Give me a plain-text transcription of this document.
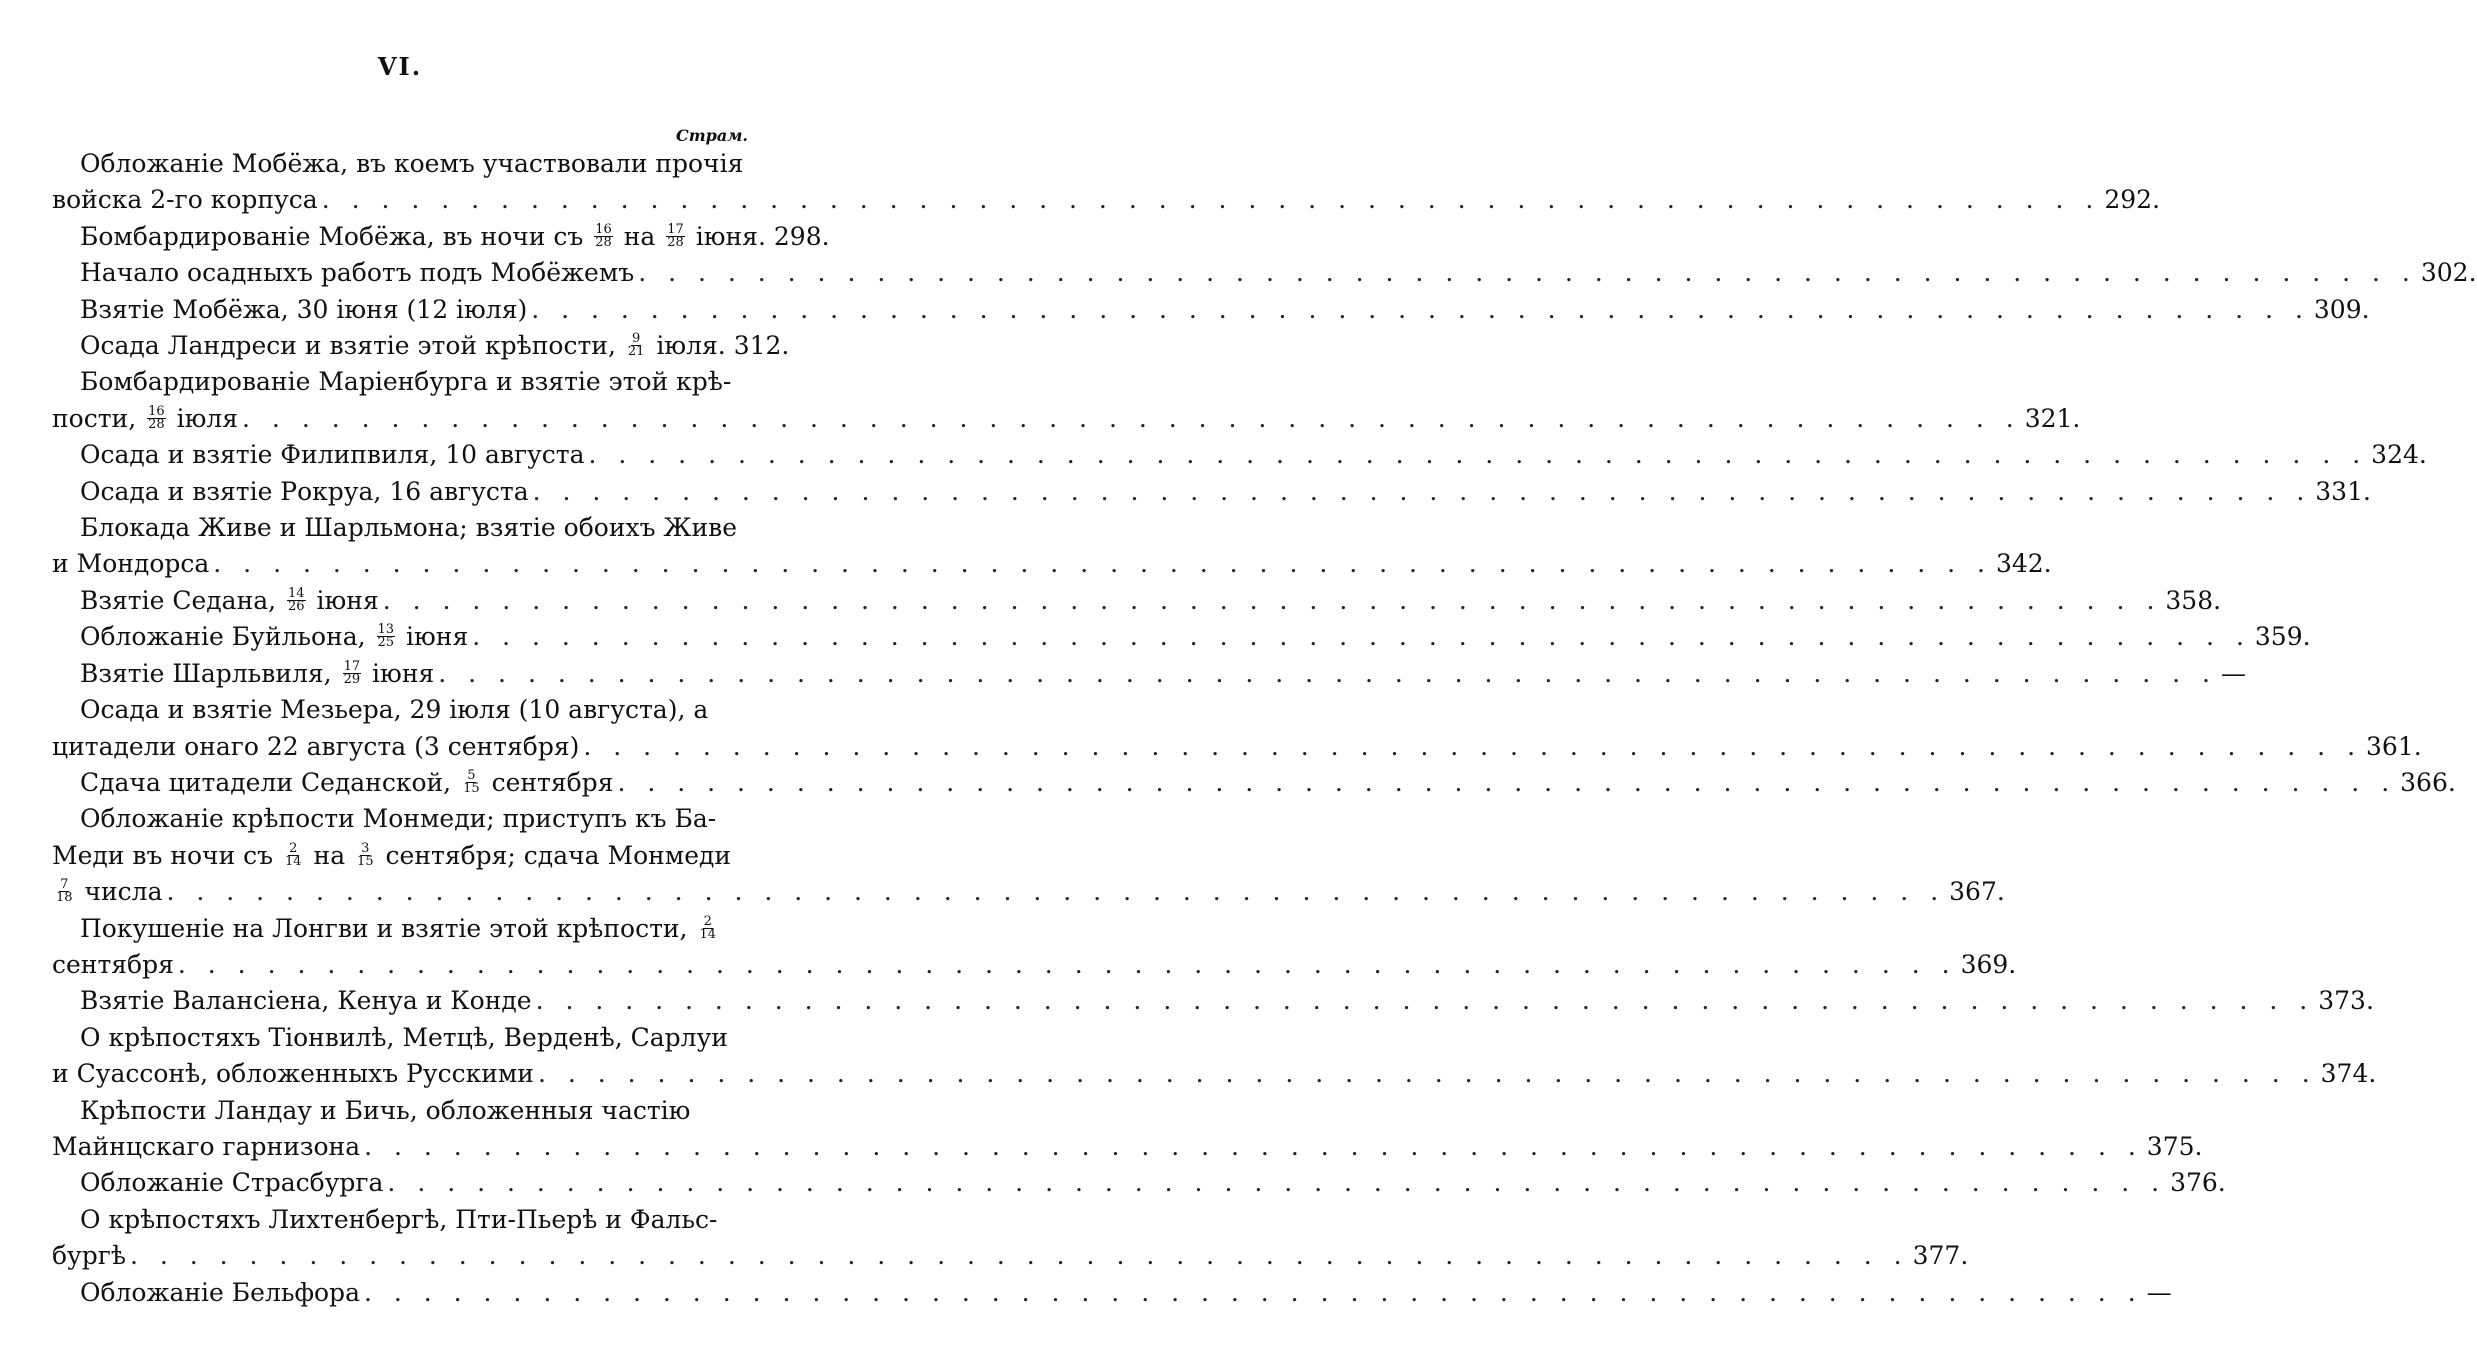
VI.
Страм.
Обложаніе Мобёжа, въ коемъ участвовали прочія
войска 2-го корпуса . . . . . . . . . . . . . . . . . . . . . . . . . . . . . . . . . . . . . . . . . . . . . . . . . . . . . . . . . . . . 292.
Бомбардированіе Мобёжа, въ ночи съ $\frac{16}{28}$ на $\frac{17}{28}$ іюня. 298.
Начало осадныхъ работъ подъ Мобёжемъ . . . . . . . . . . . . . . . . . . . . . . . . . . . . . . . . . . . . . . . . . . . . . . . . . . . . . . . . . . . . 302.
Взятіе Мобёжа, 30 іюня (12 іюля) . . . . . . . . . . . . . . . . . . . . . . . . . . . . . . . . . . . . . . . . . . . . . . . . . . . . . . . . . . . . 309.
Осада Ландреси и взятіе этой крѣпости, $\frac{9}{21}$ іюля. 312.
Бомбардированіе Маріенбурга и взятіе этой крѣ-
пости, $\frac{16}{28}$ іюля . . . . . . . . . . . . . . . . . . . . . . . . . . . . . . . . . . . . . . . . . . . . . . . . . . . . . . . . . . . . 321.
Осада и взятіе Филипвиля, 10 августа . . . . . . . . . . . . . . . . . . . . . . . . . . . . . . . . . . . . . . . . . . . . . . . . . . . . . . . . . . . . 324.
Осада и взятіе Рокруа, 16 августа . . . . . . . . . . . . . . . . . . . . . . . . . . . . . . . . . . . . . . . . . . . . . . . . . . . . . . . . . . . . 331.
Блокада Живе и Шарльмона; взятіе обоихъ Живе
и Мондорса . . . . . . . . . . . . . . . . . . . . . . . . . . . . . . . . . . . . . . . . . . . . . . . . . . . . . . . . . . . . 342.
Взятіе Седана, $\frac{14}{26}$ іюня . . . . . . . . . . . . . . . . . . . . . . . . . . . . . . . . . . . . . . . . . . . . . . . . . . . . . . . . . . . . 358.
Обложаніе Буйльона, $\frac{13}{25}$ іюня . . . . . . . . . . . . . . . . . . . . . . . . . . . . . . . . . . . . . . . . . . . . . . . . . . . . . . . . . . . . 359.
Взятіе Шарльвиля, $\frac{17}{29}$ іюня . . . . . . . . . . . . . . . . . . . . . . . . . . . . . . . . . . . . . . . . . . . . . . . . . . . . . . . . . . . . —
Осада и взятіе Мезьера, 29 іюля (10 августа), а
цитадели онаго 22 августа (3 сентября) . . . . . . . . . . . . . . . . . . . . . . . . . . . . . . . . . . . . . . . . . . . . . . . . . . . . . . . . . . . . 361.
Сдача цитадели Седанской, $\frac{5}{15}$ сентября . . . . . . . . . . . . . . . . . . . . . . . . . . . . . . . . . . . . . . . . . . . . . . . . . . . . . . . . . . . . 366.
Обложаніе крѣпости Монмеди; приступъ къ Ба-
Меди въ ночи съ $\frac{2}{14}$ на $\frac{3}{15}$ сентября; сдача Монмеди
$\frac{7}{18}$ числа . . . . . . . . . . . . . . . . . . . . . . . . . . . . . . . . . . . . . . . . . . . . . . . . . . . . . . . . . . . . 367.
Покушеніе на Лонгви и взятіе этой крѣпости, $\frac{2}{14}$
сентября . . . . . . . . . . . . . . . . . . . . . . . . . . . . . . . . . . . . . . . . . . . . . . . . . . . . . . . . . . . . 369.
Взятіе Валансіена, Кенуа и Конде . . . . . . . . . . . . . . . . . . . . . . . . . . . . . . . . . . . . . . . . . . . . . . . . . . . . . . . . . . . . 373.
О крѣпостяхъ Тіонвилѣ, Метцѣ, Верденѣ, Сарлуи
и Суассонѣ, обложенныхъ Русскими . . . . . . . . . . . . . . . . . . . . . . . . . . . . . . . . . . . . . . . . . . . . . . . . . . . . . . . . . . . . 374.
Крѣпости Ландау и Бичь, обложенныя частію
Майнцскаго гарнизона . . . . . . . . . . . . . . . . . . . . . . . . . . . . . . . . . . . . . . . . . . . . . . . . . . . . . . . . . . . . 375.
Обложаніе Страсбурга . . . . . . . . . . . . . . . . . . . . . . . . . . . . . . . . . . . . . . . . . . . . . . . . . . . . . . . . . . . . 376.
О крѣпостяхъ Лихтенбергѣ, Пти-Пьерѣ и Фальс-
бургѣ . . . . . . . . . . . . . . . . . . . . . . . . . . . . . . . . . . . . . . . . . . . . . . . . . . . . . . . . . . . . 377.
Обложаніе Бельфора . . . . . . . . . . . . . . . . . . . . . . . . . . . . . . . . . . . . . . . . . . . . . . . . . . . . . . . . . . . . —
